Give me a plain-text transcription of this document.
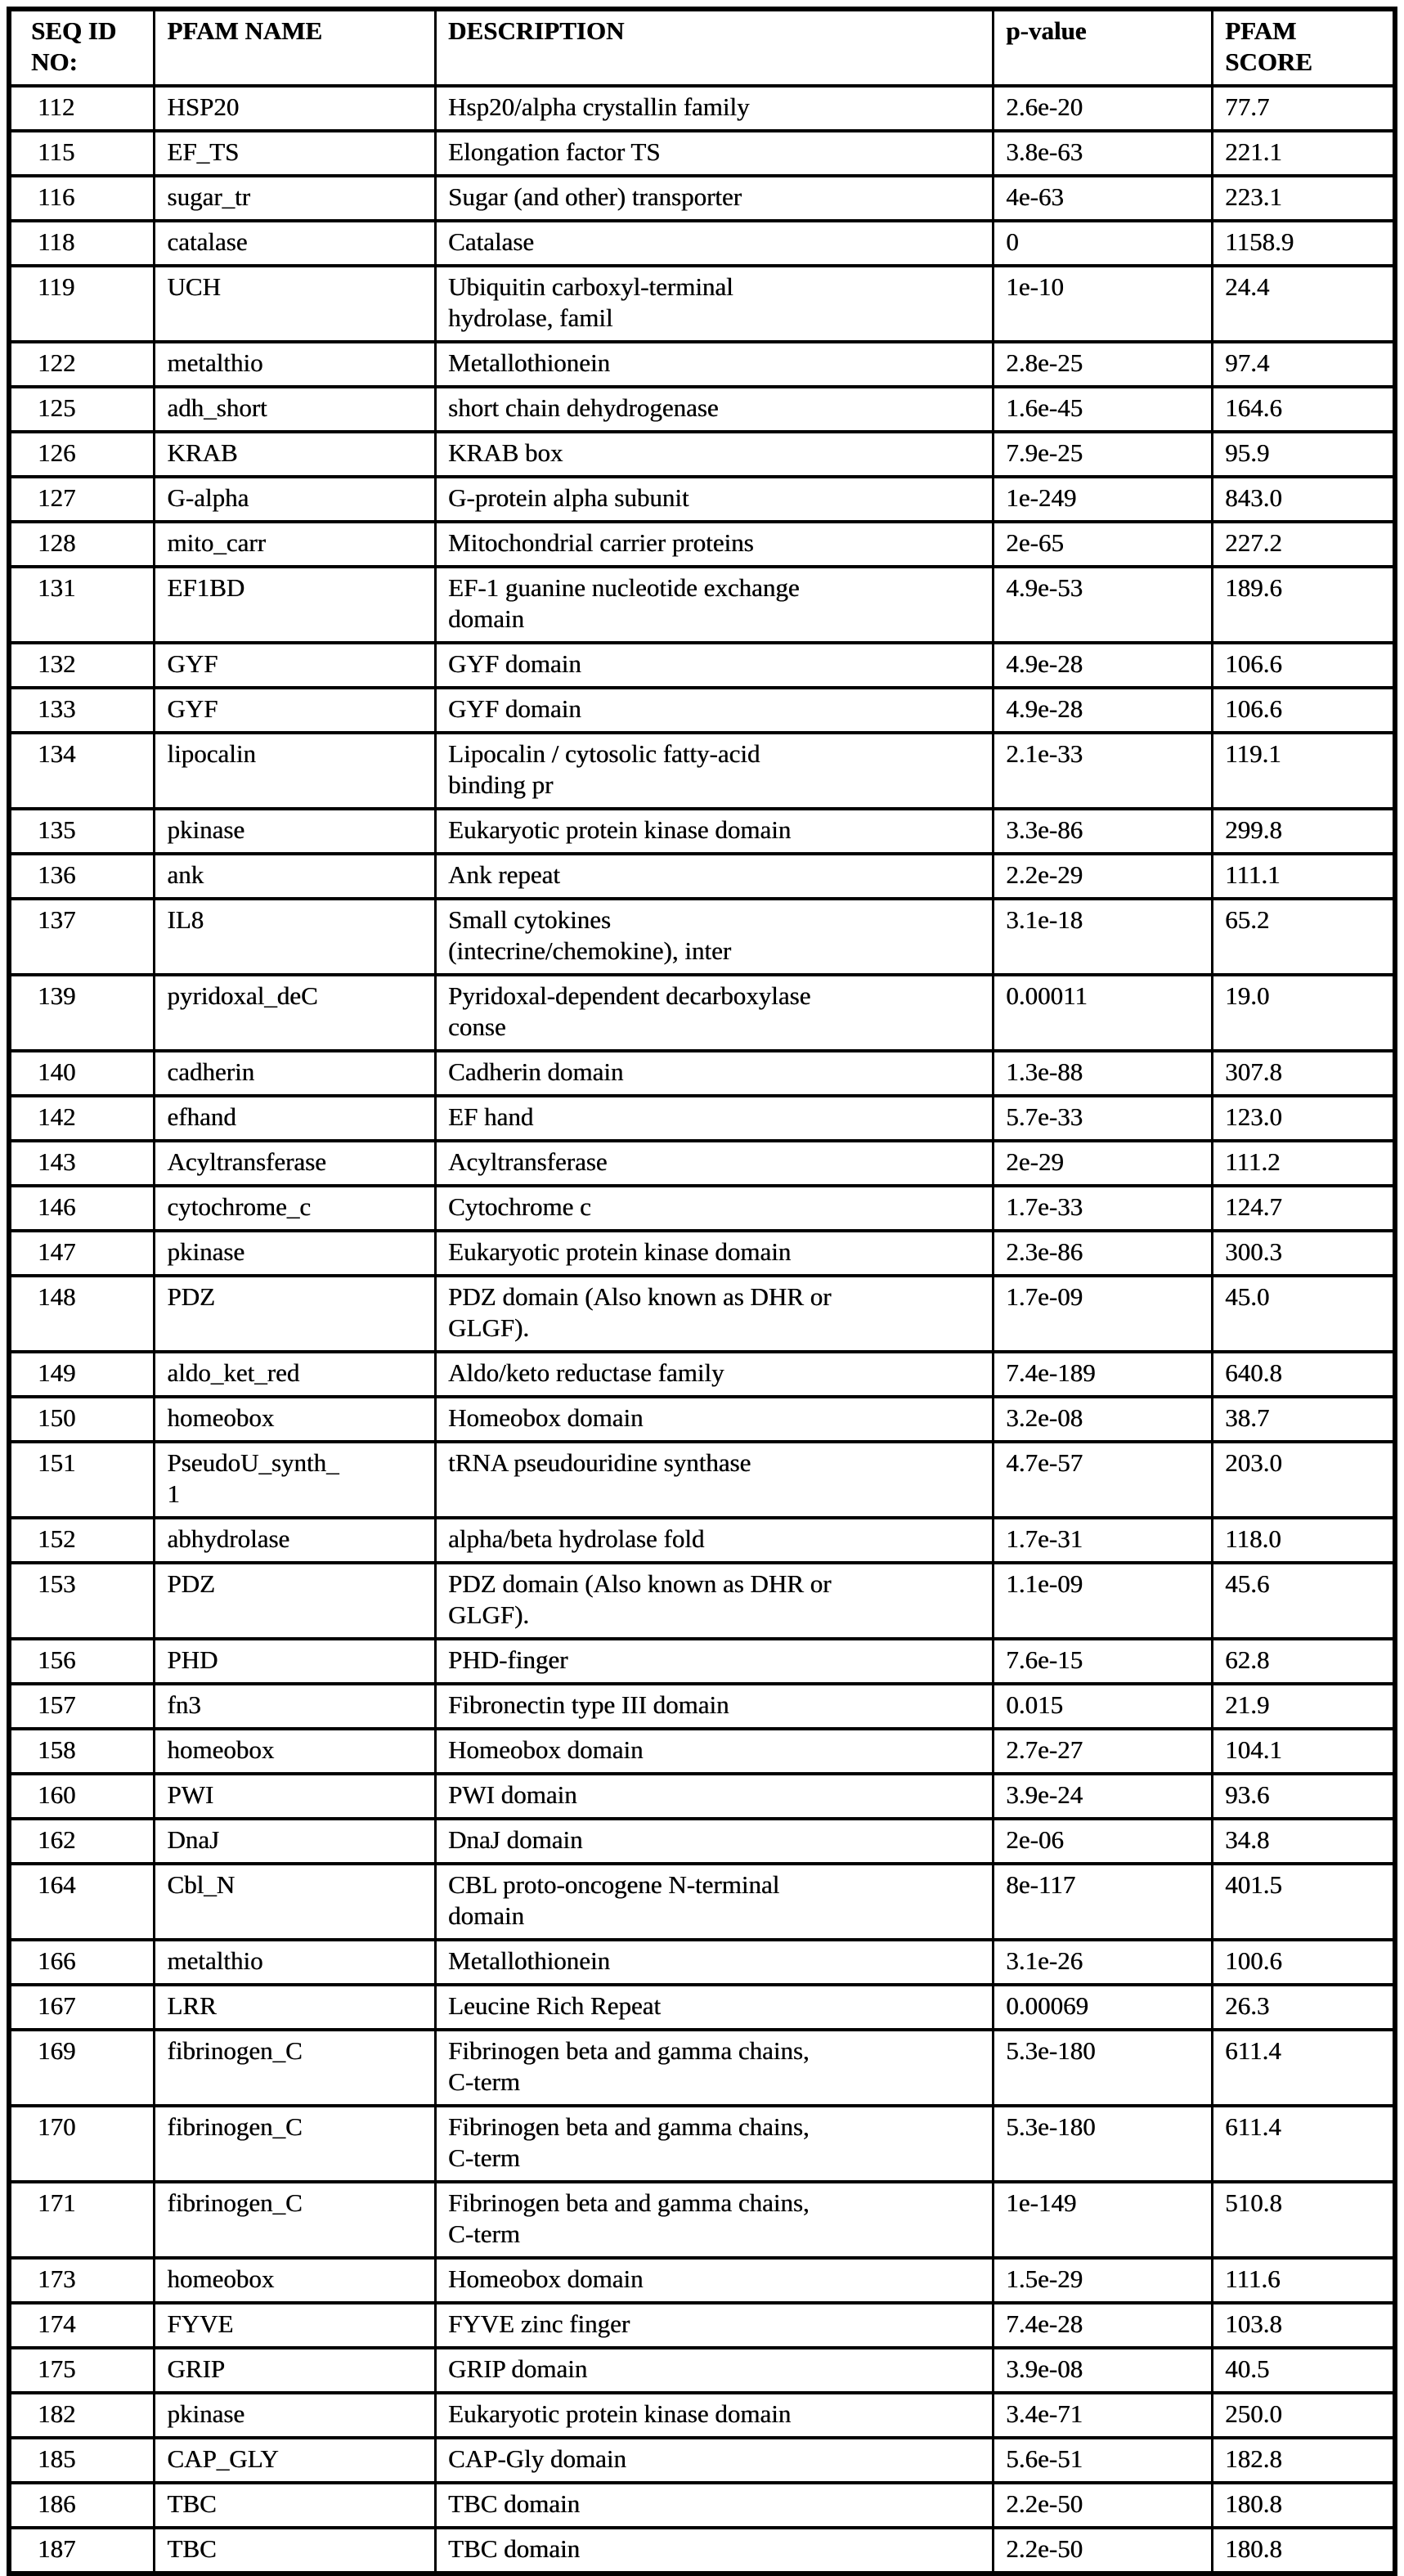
SEQ ID NO:	PFAM NAME	DESCRIPTION	p-value	PFAM SCORE
112	HSP20	Hsp20/alpha crystallin family	2.6e-20	77.7
115	EF_TS	Elongation factor TS	3.8e-63	221.1
116	sugar_tr	Sugar (and other) transporter	4e-63	223.1
118	catalase	Catalase	0	1158.9
119	UCH	Ubiquitin carboxyl-terminal
hydrolase, famil	1e-10	24.4
122	metalthio	Metallothionein	2.8e-25	97.4
125	adh_short	short chain dehydrogenase	1.6e-45	164.6
126	KRAB	KRAB box	7.9e-25	95.9
127	G-alpha	G-protein alpha subunit	1e-249	843.0
128	mito_carr	Mitochondrial carrier proteins	2e-65	227.2
131	EF1BD	EF-1 guanine nucleotide exchange
domain	4.9e-53	189.6
132	GYF	GYF domain	4.9e-28	106.6
133	GYF	GYF domain	4.9e-28	106.6
134	lipocalin	Lipocalin / cytosolic fatty-acid
binding pr	2.1e-33	119.1
135	pkinase	Eukaryotic protein kinase domain	3.3e-86	299.8
136	ank	Ank repeat	2.2e-29	111.1
137	IL8	Small cytokines
(intecrine/chemokine), inter	3.1e-18	65.2
139	pyridoxal_deC	Pyridoxal-dependent decarboxylase
conse	0.00011	19.0
140	cadherin	Cadherin domain	1.3e-88	307.8
142	efhand	EF hand	5.7e-33	123.0
143	Acyltransferase	Acyltransferase	2e-29	111.2
146	cytochrome_c	Cytochrome c	1.7e-33	124.7
147	pkinase	Eukaryotic protein kinase domain	2.3e-86	300.3
148	PDZ	PDZ domain (Also known as DHR or
GLGF).	1.7e-09	45.0
149	aldo_ket_red	Aldo/keto reductase family	7.4e-189	640.8
150	homeobox	Homeobox domain	3.2e-08	38.7
151	PseudoU_synth_
1	tRNA pseudouridine synthase	4.7e-57	203.0
152	abhydrolase	alpha/beta hydrolase fold	1.7e-31	118.0
153	PDZ	PDZ domain (Also known as DHR or
GLGF).	1.1e-09	45.6
156	PHD	PHD-finger	7.6e-15	62.8
157	fn3	Fibronectin type III domain	0.015	21.9
158	homeobox	Homeobox domain	2.7e-27	104.1
160	PWI	PWI domain	3.9e-24	93.6
162	DnaJ	DnaJ domain	2e-06	34.8
164	Cbl_N	CBL proto-oncogene N-terminal
domain	8e-117	401.5
166	metalthio	Metallothionein	3.1e-26	100.6
167	LRR	Leucine Rich Repeat	0.00069	26.3
169	fibrinogen_C	Fibrinogen beta and gamma chains,
C-term	5.3e-180	611.4
170	fibrinogen_C	Fibrinogen beta and gamma chains,
C-term	5.3e-180	611.4
171	fibrinogen_C	Fibrinogen beta and gamma chains,
C-term	1e-149	510.8
173	homeobox	Homeobox domain	1.5e-29	111.6
174	FYVE	FYVE zinc finger	7.4e-28	103.8
175	GRIP	GRIP domain	3.9e-08	40.5
182	pkinase	Eukaryotic protein kinase domain	3.4e-71	250.0
185	CAP_GLY	CAP-Gly domain	5.6e-51	182.8
186	TBC	TBC domain	2.2e-50	180.8
187	TBC	TBC domain	2.2e-50	180.8
